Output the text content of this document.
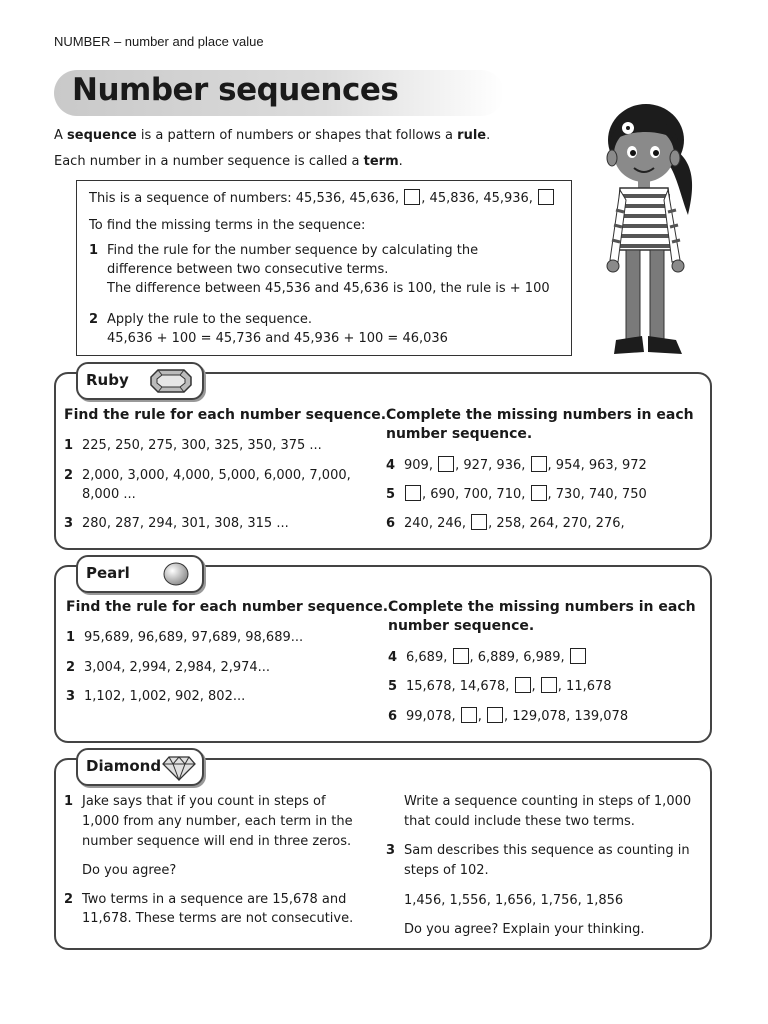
NUMBER – number and place value
Number sequences
A sequence is a pattern of numbers or shapes that follows a rule.
Each number in a number sequence is called a term.
This is a sequence of numbers: 45,536, 45,636, , 45,836, 45,936,
To find the missing terms in the sequence:
1 Find the rule for the number sequence by calculating the
difference between two consecutive terms.
The difference between 45,536 and 45,636 is 100, the rule is + 100
2 Apply the rule to the sequence.
45,636 + 100 = 45,736 and 45,936 + 100 = 46,036
Ruby
Find the rule for each number sequence.
1 225, 250, 275, 300, 325, 350, 375 ...
2 2,000, 3,000, 4,000, 5,000, 6,000, 7,000,
8,000 ...
3 280, 287, 294, 301, 308, 315 ...
Complete the missing numbers in each
number sequence.
4 909, , 927, 936, , 954, 963, 972
5	, 690, 700, 710, , 730, 740, 750
6 240, 246, , 258, 264, 270, 276,
Pearl
Find the rule for each number sequence.
1 95,689, 96,689, 97,689, 98,689...
2 3,004, 2,994, 2,984, 2,974...
3 1,102, 1,002, 902, 802...
Complete the missing numbers in each
number sequence.
4 6,689, , 6,889, 6,989,
5 15,678, 14,678, , , 11,678
6 99,078, , , 129,078, 139,078
Diamond
1 Jake says that if you count in steps of
1,000 from any number, each term in the
number sequence will end in three zeros.
Do you agree?
2 Two terms in a sequence are 15,678 and
11,678. These terms are not consecutive.
Write a sequence counting in steps of 1,000
that could include these two terms.
3 Sam describes this sequence as counting in
steps of 102.
1,456, 1,556, 1,656, 1,756, 1,856
Do you agree? Explain your thinking.
